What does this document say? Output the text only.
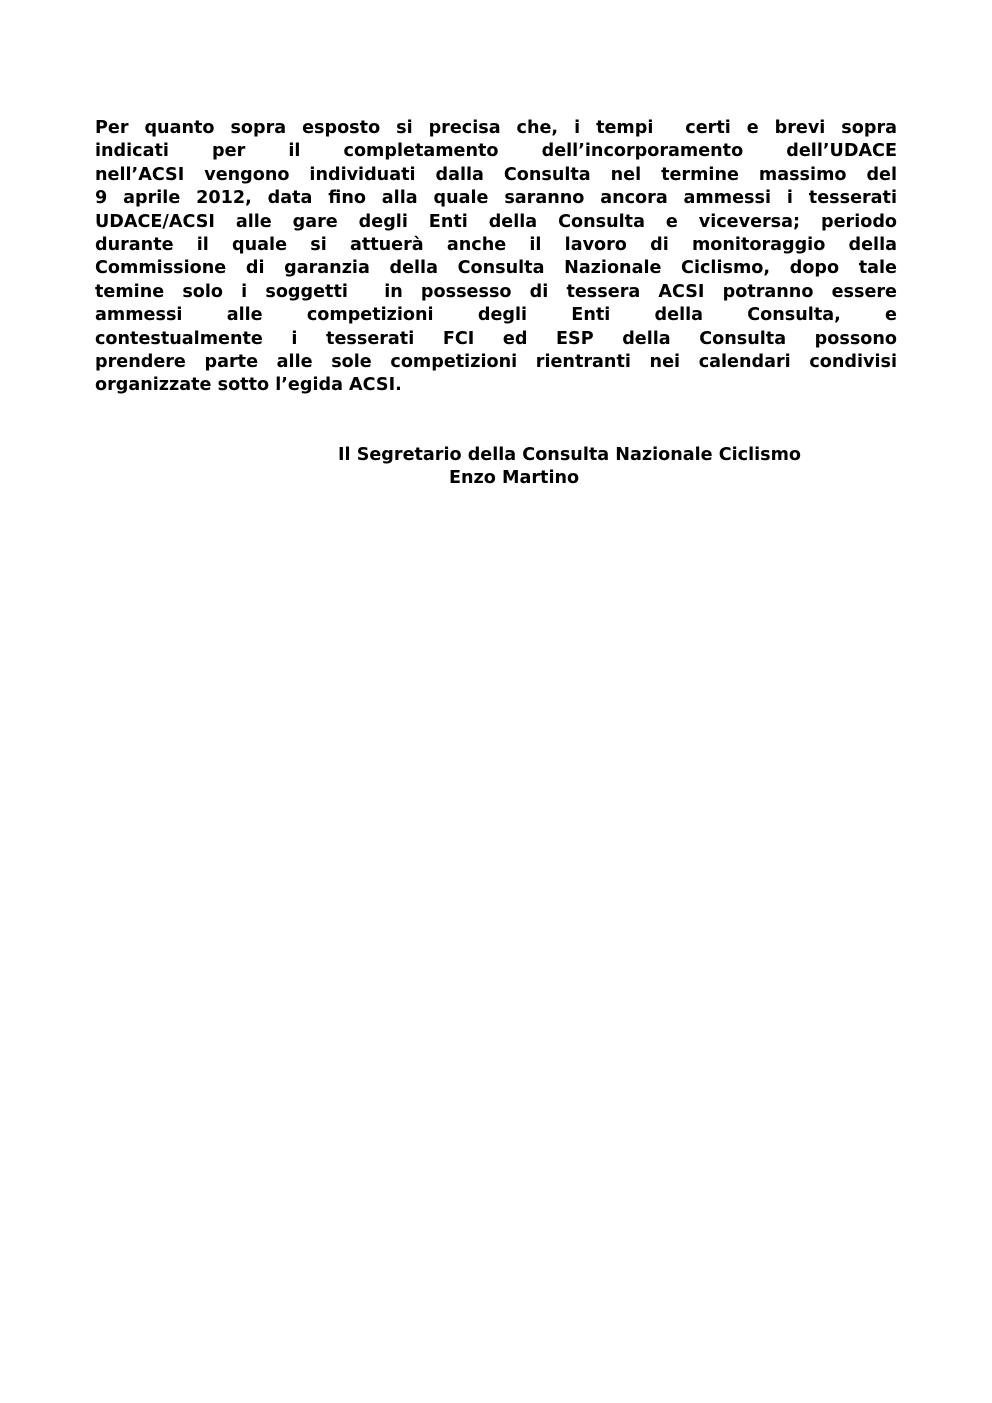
Per quanto sopra esposto si precisa che, i tempi  certi e brevi sopra
indicati per il completamento dell’incorporamento dell’UDACE
nell’ACSI vengono individuati dalla Consulta nel termine massimo del
9 aprile 2012, data fino alla quale saranno ancora ammessi i tesserati
UDACE/ACSI alle gare degli Enti della Consulta e viceversa; periodo
durante il quale si attuerà anche il lavoro di monitoraggio della
Commissione di garanzia della Consulta Nazionale Ciclismo, dopo tale
temine solo i soggetti  in possesso di tessera ACSI potranno essere
ammessi alle competizioni degli Enti della Consulta, e
contestualmente i tesserati FCI ed ESP della Consulta possono
prendere parte alle sole competizioni rientranti nei calendari condivisi
organizzate sotto l’egida ACSI.
Il Segretario della Consulta Nazionale Ciclismo
Enzo Martino
